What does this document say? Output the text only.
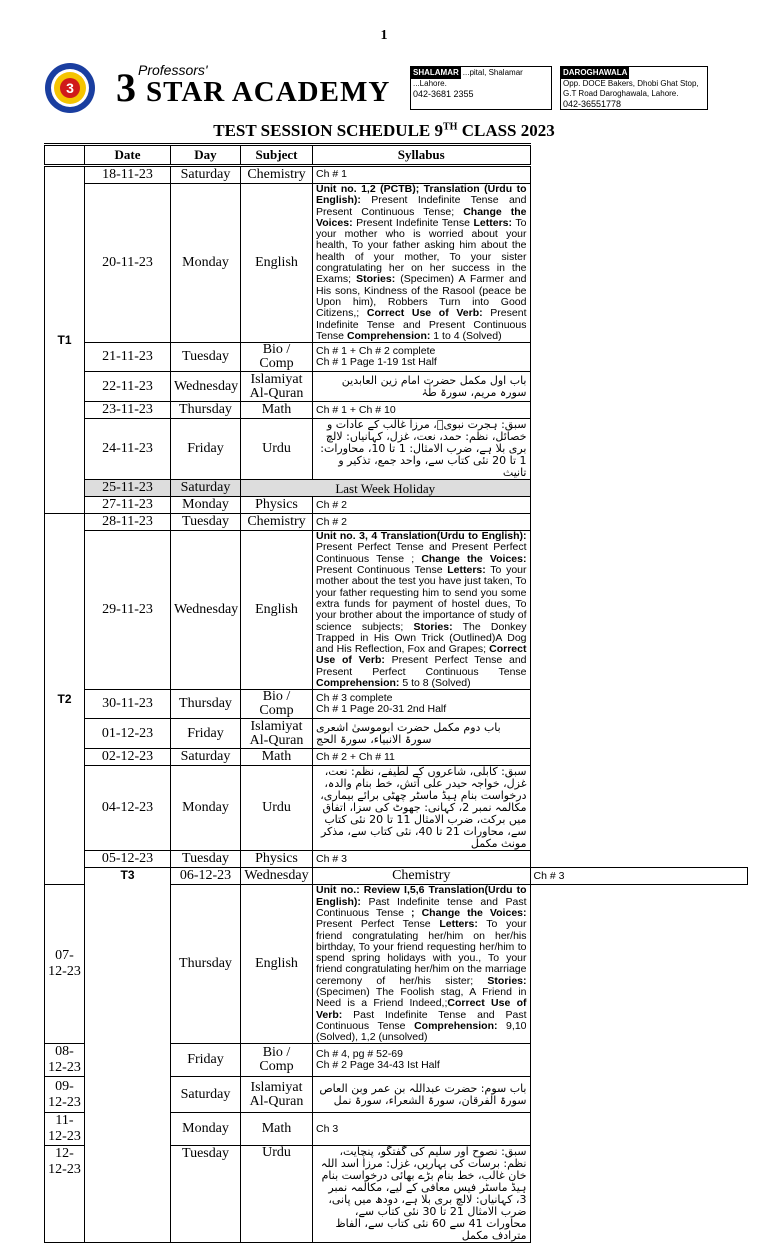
1
3
Professors'
3 STAR ACADEMY
SHALAMAR ...pital, Shalamar
...Lahore.
042-3681 2355
DAROGHAWALA
Opp. DOCE Bakers, Dhobi Ghat Stop,
G.T Road Daroghawala, Lahore.
042-36551778
TEST SESSION SCHEDULE 9TH CLASS 2023
	Date	Day	Subject	Syllabus	
T1	18-11-23	Saturday	Chemistry	Ch # 1	
	20-11-23	Monday	English	Unit no. 1,2 (PCTB); Translation (Urdu to English): Present Indefinite Tense and Present Continuous Tense; Change the Voices: Present Indefinite Tense Letters: To your mother who is worried about your health, To your father asking him about the health of your mother, To your sister congratulating her on her success in the Exams; Stories: (Specimen) A Farmer and His sons, Kindness of the Rasool (peace be Upon him), Robbers Turn into Good Citizens,; Correct Use of Verb: Present Indefinite Tense and Present Continuous Tense Comprehension: 1 to 4 (Solved)	
	21-11-23	Tuesday	Bio / Comp	Ch # 1 + Ch # 2 complete
Ch # 1 Page 1-19 1st Half	

	22-11-23	Wednesday	Islamiyat Al-Quran	باب اول مکمل حضرت امام زین العابدین
سورہ مریم، سورۃ طٰہٰ	

	23-11-23	Thursday	Math	Ch # 1 + Ch # 10	
	24-11-23	Friday	Urdu	سبق: ہجرت نبویؐ، مرزا غالب کے عادات و خصائل، نظم: حمد، نعت، غزل، کہانیاں: لالچ بری بلا ہے، ضرب الامثال: 1 تا 10، محاورات: 1 تا 20 نئی کتاب سے، واحد جمع، تذکیر و تانیث	
	25-11-23	Saturday	Last Week Holiday		
	27-11-23	Monday	Physics	Ch # 2	
T2	28-11-23	Tuesday	Chemistry	Ch # 2	
	29-11-23	Wednesday	English	Unit no. 3, 4 Translation(Urdu to English): Present Perfect Tense and Present Perfect Continuous Tense ; Change the Voices: Present Continuous Tense Letters: To your mother about the test you have just taken, To your father requesting him to send you some extra funds for payment of hostel dues, To your brother about the importance of study of science subjects; Stories: The Donkey Trapped in His Own Trick (Outlined)A Dog and His Reflection, Fox and Grapes; Correct Use of Verb: Present Perfect Tense and Present Perfect Continuous Tense Comprehension: 5 to 8 (Solved)	
	30-11-23	Thursday	Bio / Comp	Ch # 3 complete
Ch # 1 Page 20-31 2nd Half	

	01-12-23	Friday	Islamiyat Al-Quran	باب دوم مکمل حضرت ابوموسیٰ اشعری
سورۃ الانبیاء، سورۃ الحج	

	02-12-23	Saturday	Math	Ch # 2 + Ch # 11	
	04-12-23	Monday	Urdu	سبق: کابلی، شاعروں کے لطیفے، نظم: نعت، غزل، خواجہ حیدر علی آتش، خط بنام والدہ، درخواست بنام ہیڈ ماسٹر چھٹی برائے بیماری، مکالمہ نمبر 2، کہانی: جھوٹ کی سزا، اتفاق میں برکت، ضرب الامثال 11 تا 20 نئی کتاب سے، محاورات 21 تا 40، نئی کتاب سے، مذکر مونث مکمل	
	05-12-23	Tuesday	Physics	Ch # 3	
	T3	06-12-23	Wednesday	Chemistry	Ch # 3
07-12-23		Thursday	English	Unit no.: Review I,5,6 Translation(Urdu to English): Past Indefinite tense and Past Continuous Tense ; Change the Voices: Present Perfect Tense Letters: To your friend congratulating her/him on her/his birthday, To your friend requesting her/him to spend spring holidays with you., To your friend congratulating her/him on the marriage ceremony of her/his sister; Stories: (Specimen) The Foolish stag, A Friend in Need is a Friend Indeed,;Correct Use of Verb: Past Indefinite Tense and Past Continuous Tense Comprehension: 9,10 (Solved), 1,2 (unsolved)	
08-12-23		Friday	Bio / Comp	Ch # 4, pg # 52-69
Ch # 2 Page 34-43 Ist Half	

09-12-23		Saturday	Islamiyat Al-Quran	باب سوم: حضرت عبداللہ بن عمر وبن العاص
سورۃ الفرقان، سورۃ الشعراء، سورۃ نمل	

11-12-23		Monday	Math	Ch 3	
12-12-23		Tuesday	Urdu	سبق: نصوح اور سلیم کی گفتگو، پنچایت، نظم: برسات کی بہاریں، غزل: مرزا اسد اللہ خان غالب، خط بنام بڑے بھائی درخواست بنام ہیڈ ماسٹر فیس معافی کے لیے، مکالمہ نمبر 3، کہانیاں: لالچ بری بلا ہے، دودھ میں پانی، ضرب الامثال 21 تا 30 نئی کتاب سے، محاورات 41 سے 60 نئی کتاب سے، الفاظ مترادف مکمل	
